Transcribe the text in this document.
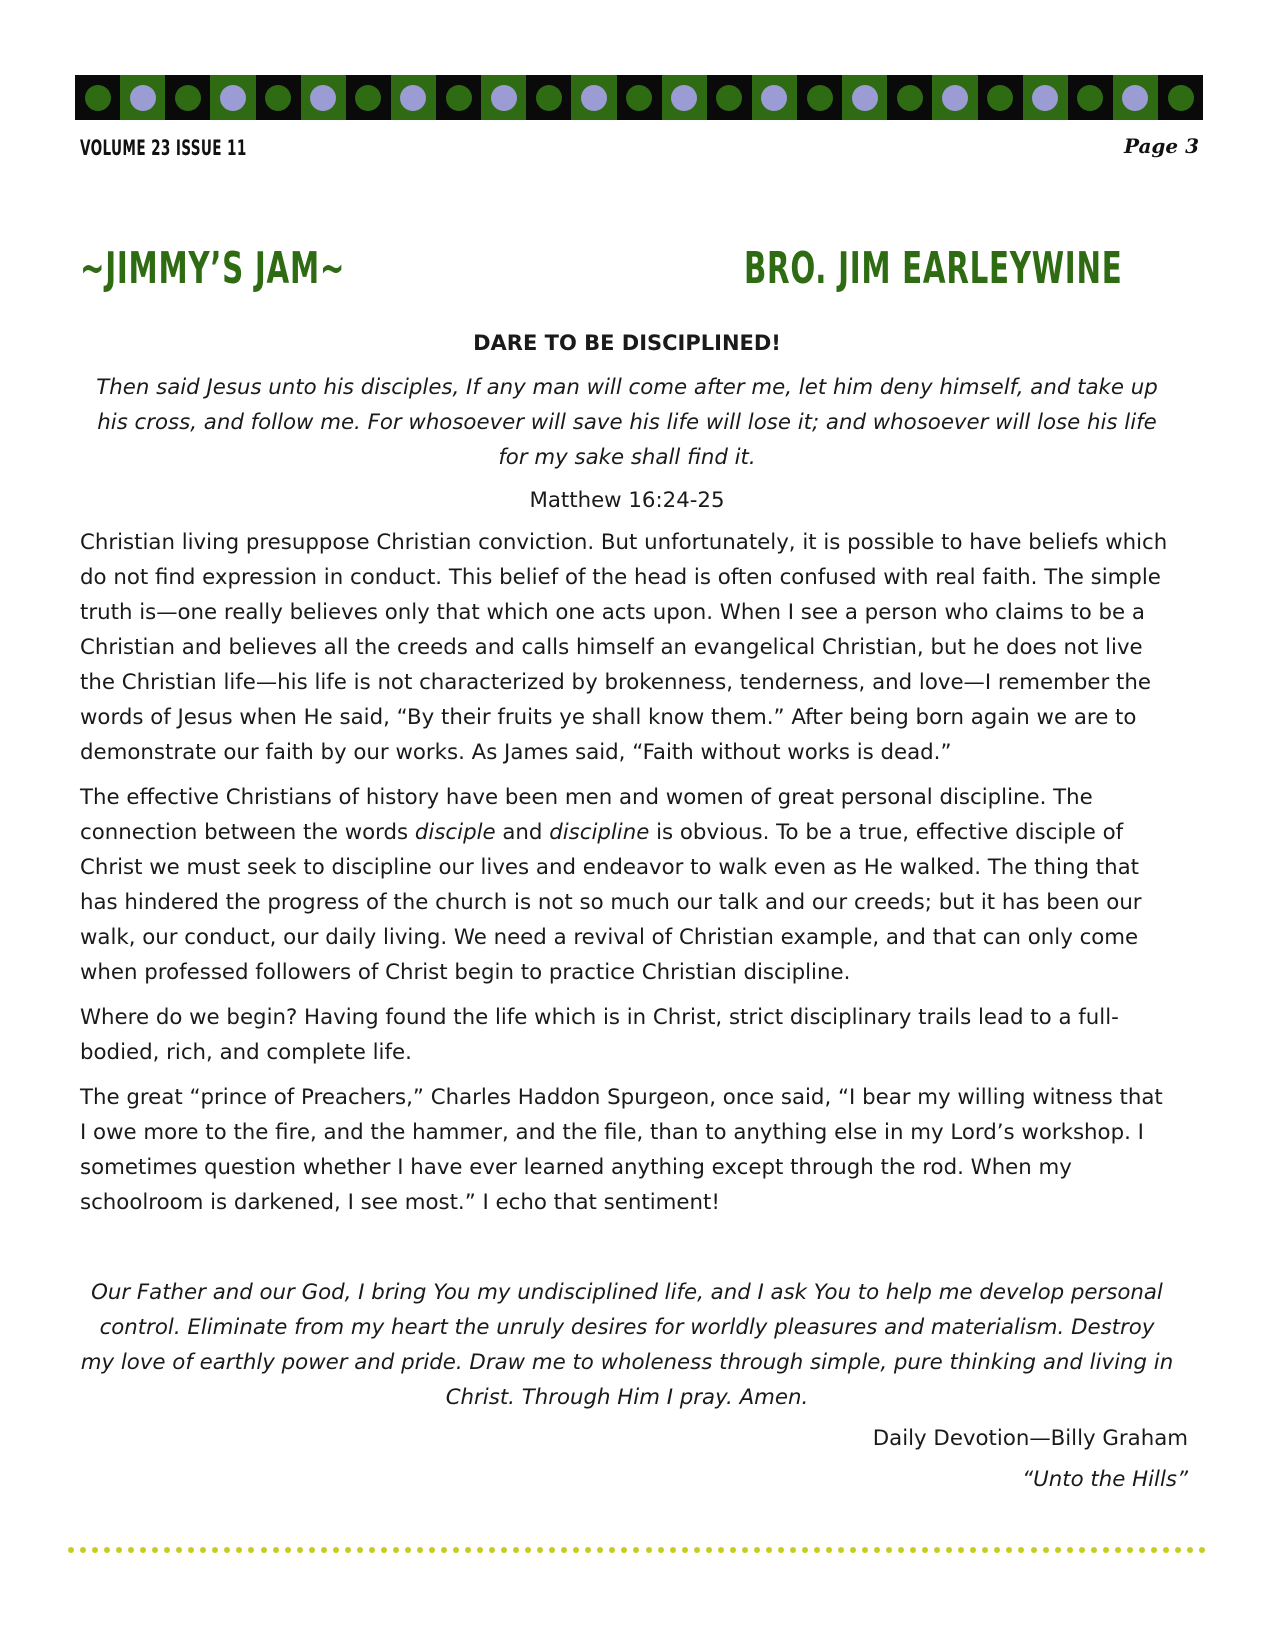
VOLUME 23 ISSUE 11	Page 3
~JIMMY’S JAM~	BRO. JIM EARLEYWINE

DARE TO BE DISCIPLINED!

Then said Jesus unto his disciples, If any man will come after me, let him deny himself, and take up his cross, and follow me. For whosoever will save his life will lose it; and whosoever will lose his life for my sake shall find it.

Matthew 16:24-25

Christian living presuppose Christian conviction. But unfortunately, it is possible to have beliefs which do not find expression in conduct. This belief of the head is often confused with real faith. The simple truth is—one really believes only that which one acts upon. When I see a person who claims to be a Christian and believes all the creeds and calls himself an evangelical Christian, but he does not live the Christian life—his life is not characterized by brokenness, tenderness, and love—I remember the words of Jesus when He said, “By their fruits ye shall know them.” After being born again we are to demonstrate our faith by our works. As James said, “Faith without works is dead.”

The effective Christians of history have been men and women of great personal discipline. The connection between the words disciple and discipline is obvious. To be a true, effective disciple of Christ we must seek to discipline our lives and endeavor to walk even as He walked. The thing that has hindered the progress of the church is not so much our talk and our creeds; but it has been our walk, our conduct, our daily living. We need a revival of Christian example, and that can only come when professed followers of Christ begin to practice Christian discipline.

Where do we begin? Having found the life which is in Christ, strict disciplinary trails lead to a full-bodied, rich, and complete life.

The great “prince of Preachers,” Charles Haddon Spurgeon, once said, “I bear my willing witness that I owe more to the fire, and the hammer, and the file, than to anything else in my Lord’s workshop. I sometimes question whether I have ever learned anything except through the rod. When my schoolroom is darkened, I see most.” I echo that sentiment!

Our Father and our God, I bring You my undisciplined life, and I ask You to help me develop personal control. Eliminate from my heart the unruly desires for worldly pleasures and materialism. Destroy my love of earthly power and pride. Draw me to wholeness through simple, pure thinking and living in Christ. Through Him I pray. Amen.

Daily Devotion—Billy Graham

“Unto the Hills”
